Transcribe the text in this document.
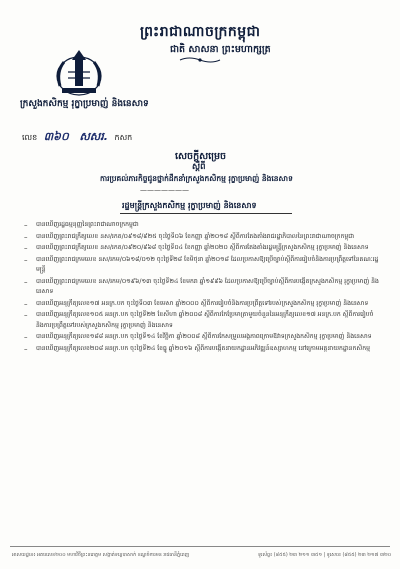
ព្រះរាជាណាចក្រកម្ពុជា
ជាតិ សាសនា ព្រះមហាក្សត្រ
ក្រសួងកសិកម្ម រុក្ខាប្រមាញ់ និងនេសាទ
លេខ ៣៦០ សសរ. កសក
សេចក្តីសម្រេច
ស្តីពី
ការប្រគល់ភារកិច្ចជូនថ្នាក់ដឹកនាំក្រសួងកសិកម្ម រុក្ខាប្រមាញ់ និងនេសាទ
———————
រដ្ឋមន្ត្រីក្រសួងកសិកម្ម រុក្ខាប្រមាញ់ និងនេសាទ
– បានឃើញរដ្ឋធម្មនុញ្ញនៃព្រះរាជាណាចក្រកម្ពុជា
– បានឃើញព្រះរាជក្រឹត្យលេខ នស/រកត/០៩១៨/៩២៥ ចុះថ្ងៃទី០៦ ខែកញ្ញា ឆ្នាំ២០១៨ ស្តីពីការតែងតាំងរាជរដ្ឋាភិបាលនៃព្រះរាជាណាចក្រកម្ពុជា
– បានឃើញព្រះរាជក្រឹត្យលេខ នស/រកត/០៩២០/៩៦៨ ចុះថ្ងៃទី០៤ ខែកញ្ញា ឆ្នាំ២០២០ ស្តីពីការតែងតាំងរដ្ឋមន្ត្រីក្រសួងកសិកម្ម រុក្ខាប្រមាញ់ និងនេសាទ
– បានឃើញព្រះរាជក្រមលេខ នស/រកម/០៦១៨/០១២ ចុះថ្ងៃទី២៨ ខែមិថុនា ឆ្នាំ២០១៨ ដែលប្រកាសឱ្យប្រើច្បាប់ស្តីពីការរៀបចំនិងការប្រព្រឹត្តទៅនៃគណៈរដ្ឋមន្ត្រី
– បានឃើញព្រះរាជក្រមលេខ នស/រកម/០១៩៦/១៣ ចុះថ្ងៃទី២៤ ខែមករា ឆ្នាំ១៩៩៦ ដែលប្រកាសឱ្យប្រើច្បាប់ស្តីពីការបង្កើតក្រសួងកសិកម្ម រុក្ខាប្រមាញ់ និងនេសាទ
– បានឃើញអនុក្រឹត្យលេខ១៧ អនក្រ.បក ចុះថ្ងៃទី០៣ ខែមេសា ឆ្នាំ២០០០ ស្តីពីការរៀបចំនិងការប្រព្រឹត្តទៅរបស់ក្រសួងកសិកម្ម រុក្ខាប្រមាញ់ និងនេសាទ
– បានឃើញអនុក្រឹត្យលេខ១០៥ អនក្រ.បក ចុះថ្ងៃទី២២ ខែសីហា ឆ្នាំ២០០៨ ស្តីពីការកែប្រែមាត្រាមួយចំនួននៃអនុក្រឹត្យលេខ១៧ អនក្រ.បក ស្តីពីការរៀបចំ និងការប្រព្រឹត្តទៅរបស់ក្រសួងកសិកម្ម រុក្ខាប្រមាញ់ និងនេសាទ
– បានឃើញអនុក្រឹត្យលេខ១៨៨ អនក្រ.បក ចុះថ្ងៃទី១៤ ខែវិច្ឆិកា ឆ្នាំ២០០៨ ស្តីពីការកែសម្រួលអង្គភាពក្រោមឱវាទក្រសួងកសិកម្ម រុក្ខាប្រមាញ់ និងនេសាទ
– បានឃើញអនុក្រឹត្យលេខ២០៨ អនក្រ.បក ចុះថ្ងៃទី២៤ ខែធ្នូ ឆ្នាំ២០១៦ ស្តីពីការបង្កើតនាយកដ្ឋានអភិវឌ្ឍន៍ឧស្សាហកម្ម នៅក្រោមអគ្គនាយកដ្ឋានកសិកម្ម
អាសយដ្ឋាន៖ អគារលេខ២០០ មហាវិថីព្រះនរោត្តម សង្កាត់ទន្លេបាសាក់ ខណ្ឌចំការមន រាជធានីភ្នំពេញ	ទូរស័ព្ទ៖ (៨៥៥) ២៣ ២១១ ៣៥១ | ទូរសារ៖ (៨៥៥) ២៣ ២១៧ ៣២០
